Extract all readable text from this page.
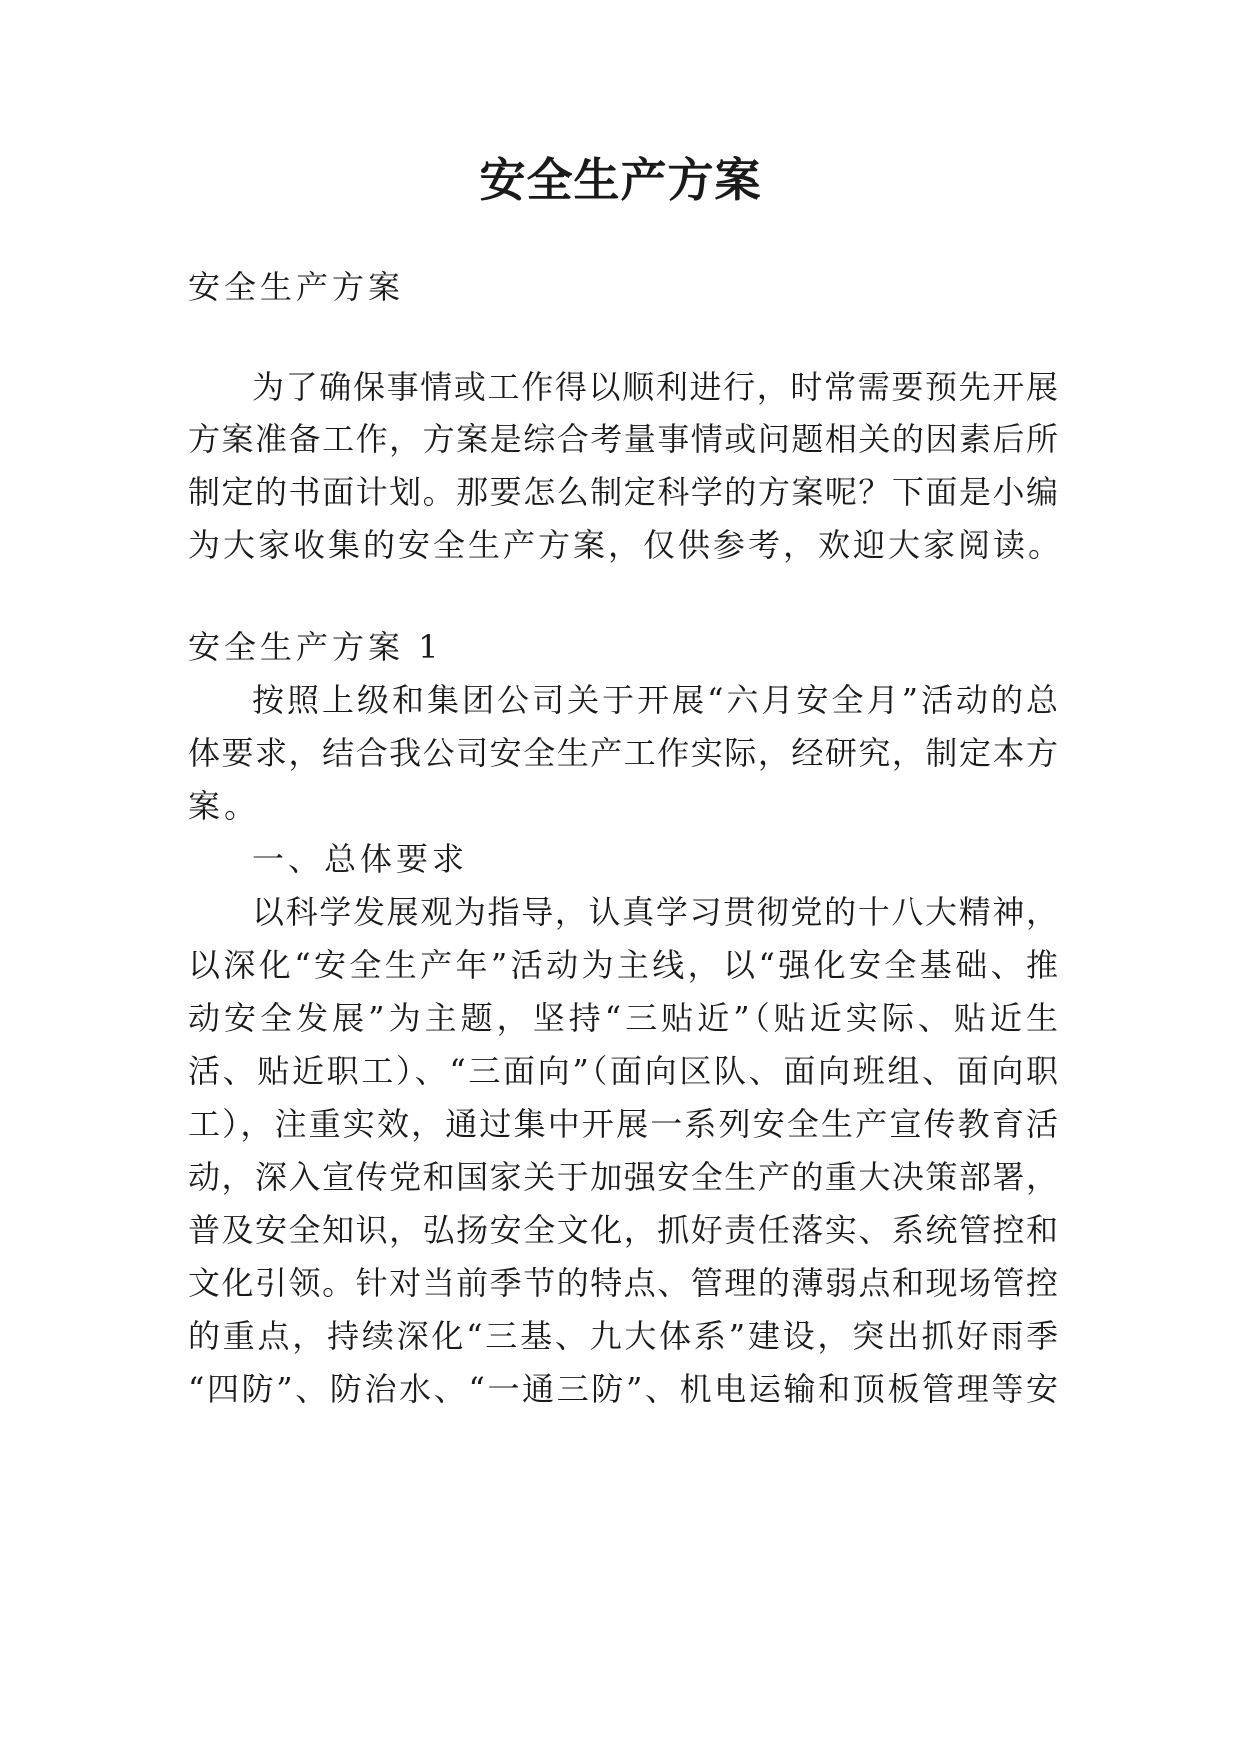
安全生产方案
安全生产方案
为了确保事情或工作得以顺利进行，时常需要预先开展
方案准备工作，方案是综合考量事情或问题相关的因素后所
制定的书面计划。那要怎么制定科学的方案呢？下面是小编
为大家收集的安全生产方案，仅供参考，欢迎大家阅读。
安全生产方案 1
按照上级和集团公司关于开展“六月安全月”活动的总
体要求，结合我公司安全生产工作实际，经研究，制定本方
案。
一、总体要求
以科学发展观为指导，认真学习贯彻党的十八大精神，
以深化“安全生产年”活动为主线，以“强化安全基础、推
动安全发展”为主题，坚持“三贴近”（贴近实际、贴近生
活、贴近职工）、“三面向”（面向区队、面向班组、面向职
工），注重实效，通过集中开展一系列安全生产宣传教育活
动，深入宣传党和国家关于加强安全生产的重大决策部署，
普及安全知识，弘扬安全文化，抓好责任落实、系统管控和
文化引领。针对当前季节的特点、管理的薄弱点和现场管控
的重点，持续深化“三基、九大体系”建设，突出抓好雨季
“四防”、防治水、“一通三防”、机电运输和顶板管理等安
